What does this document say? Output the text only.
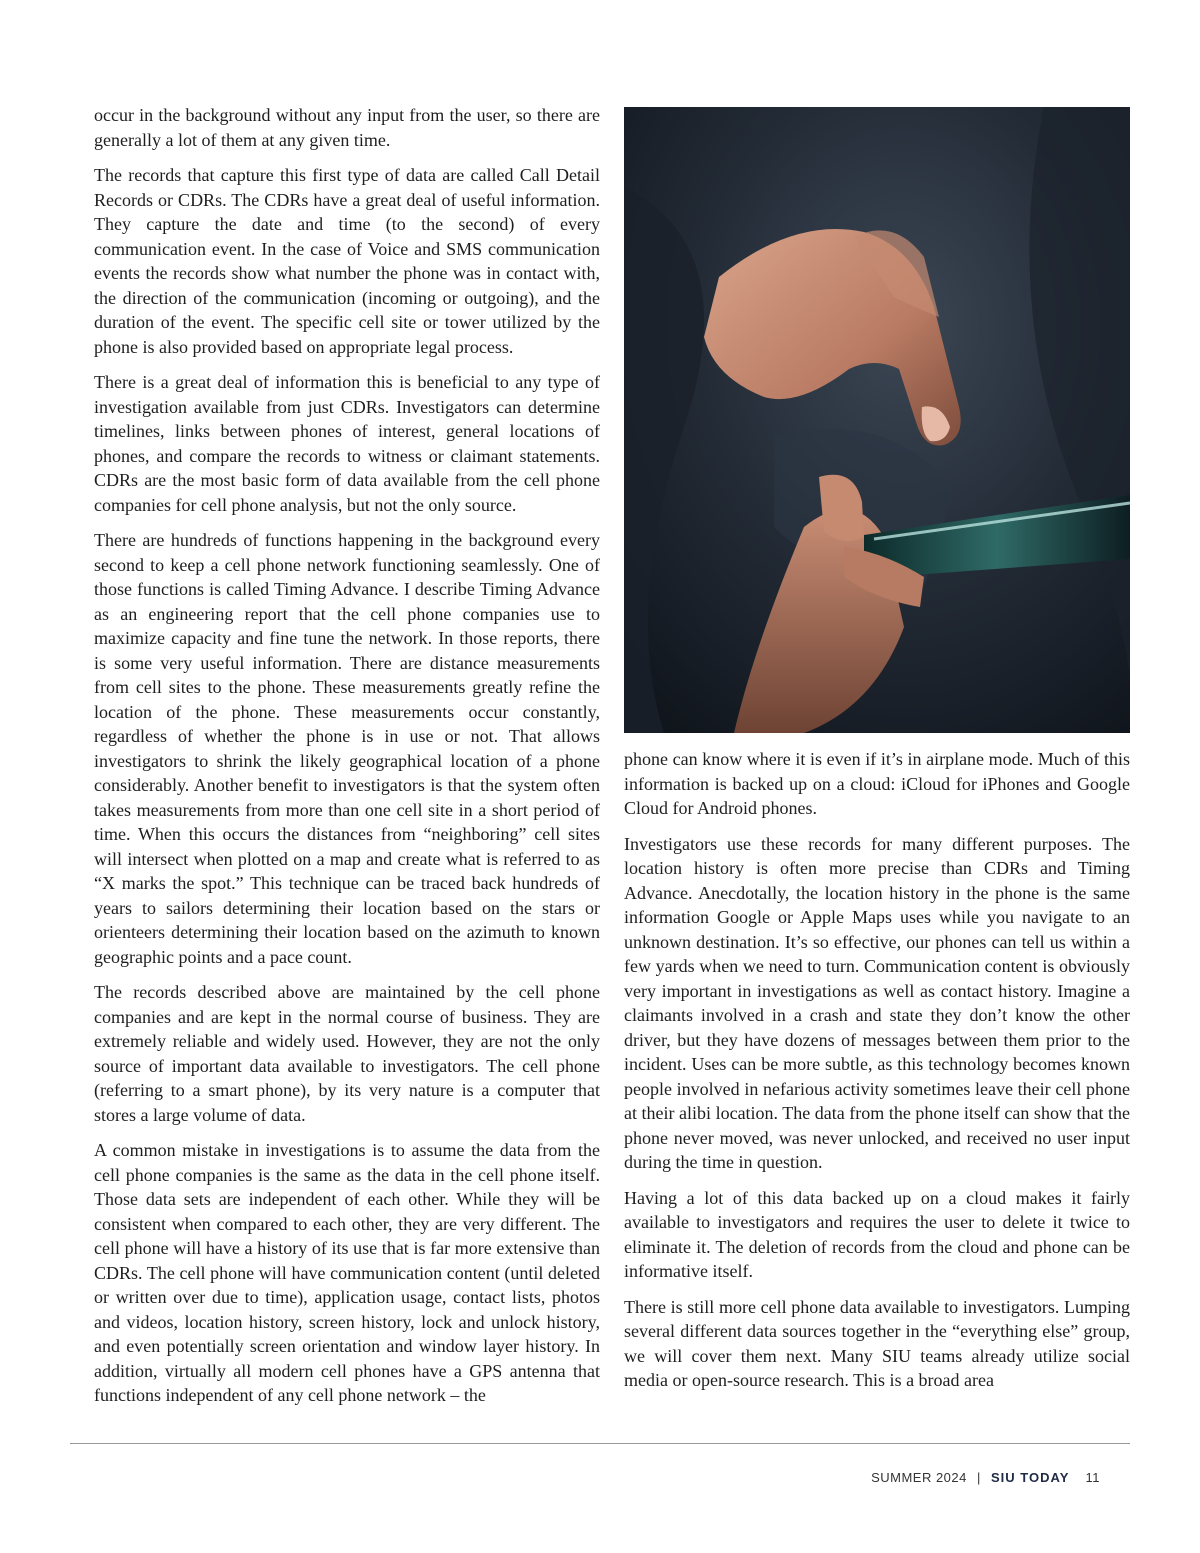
occur in the background without any input from the user, so there are generally a lot of them at any given time.

The records that capture this first type of data are called Call Detail Records or CDRs. The CDRs have a great deal of useful information. They capture the date and time (to the second) of every communication event. In the case of Voice and SMS communication events the records show what number the phone was in contact with, the direction of the communication (incoming or outgoing), and the duration of the event. The specific cell site or tower utilized by the phone is also provided based on appropriate legal process.

There is a great deal of information this is beneficial to any type of investigation available from just CDRs. Investigators can determine timelines, links between phones of interest, general locations of phones, and compare the records to witness or claimant statements. CDRs are the most basic form of data available from the cell phone companies for cell phone analysis, but not the only source.

There are hundreds of functions happening in the background every second to keep a cell phone network functioning seamlessly. One of those functions is called Timing Advance. I describe Timing Advance as an engineering report that the cell phone companies use to maximize capacity and fine tune the network. In those reports, there is some very useful information. There are distance measurements from cell sites to the phone. These measurements greatly refine the location of the phone. These measurements occur constantly, regardless of whether the phone is in use or not. That allows investigators to shrink the likely geographical location of a phone considerably. Another benefit to investigators is that the system often takes measurements from more than one cell site in a short period of time. When this occurs the distances from “neighboring” cell sites will intersect when plotted on a map and create what is referred to as “X marks the spot.” This technique can be traced back hundreds of years to sailors determining their location based on the stars or orienteers determining their location based on the azimuth to known geographic points and a pace count.

The records described above are maintained by the cell phone companies and are kept in the normal course of business. They are extremely reliable and widely used. However, they are not the only source of important data available to investigators. The cell phone (referring to a smart phone), by its very nature is a computer that stores a large volume of data.

A common mistake in investigations is to assume the data from the cell phone companies is the same as the data in the cell phone itself. Those data sets are independent of each other. While they will be consistent when compared to each other, they are very different. The cell phone will have a history of its use that is far more extensive than CDRs. The cell phone will have communication content (until deleted or written over due to time), application usage, contact lists, photos and videos, location history, screen history, lock and unlock history, and even potentially screen orientation and window layer history. In addition, virtually all modern cell phones have a GPS antenna that functions independent of any cell phone network – the

phone can know where it is even if it’s in airplane mode. Much of this information is backed up on a cloud: iCloud for iPhones and Google Cloud for Android phones.

Investigators use these records for many different purposes. The location history is often more precise than CDRs and Timing Advance. Anecdotally, the location history in the phone is the same information Google or Apple Maps uses while you navigate to an unknown destination. It’s so effective, our phones can tell us within a few yards when we need to turn. Communication content is obviously very important in investigations as well as contact history. Imagine a claimants involved in a crash and state they don’t know the other driver, but they have dozens of messages between them prior to the incident. Uses can be more subtle, as this technology becomes known people involved in nefarious activity sometimes leave their cell phone at their alibi location. The data from the phone itself can show that the phone never moved, was never unlocked, and received no user input during the time in question.

Having a lot of this data backed up on a cloud makes it fairly available to investigators and requires the user to delete it twice to eliminate it. The deletion of records from the cloud and phone can be informative itself.

There is still more cell phone data available to investigators. Lumping several different data sources together in the “everything else” group, we will cover them next. Many SIU teams already utilize social media or open-source research. This is a broad area

SUMMER 2024 | SIU TODAY 11
